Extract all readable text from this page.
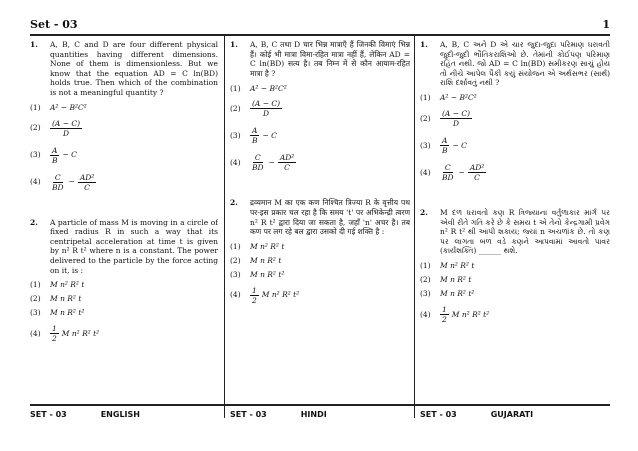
Set - 03	1
1. A, B, C and D are four different physical quantities having different dimensions. None of them is dimensionless. But we know that the equation AD = C ln(BD) holds true. Then which of the combination is not a meaningful quantity ?
(1) A² − B²C²
$(2) \frac{(A - C)}{D}$
$(3) \frac{A}{B} - C$
$(4) \frac{C}{BD} - \frac{\text{AD²}}{C}$
2. A particle of mass M is moving in a circle of fixed radius R in such a way that its centripetal acceleration at time t is given by n² R t² where n is a constant. The power delivered to the particle by the force acting on it, is :
(1) M n² R² t
(2) M n R² t
(3) M n R² t²
$(4) \frac{1}{2}$ M n² R² t²
1. A, B, C तथा D चार भिन्न मात्राएँ हैं जिनकी विमाएं भिन्न हैं। कोई भी मात्रा विमा-रहित मात्रा नहीं हैं, लेकिन AD = C ln(BD) सत्य है। तब निम्न में से कौन आयाम-रहित मात्रा है ?
(1) A² − B²C²
$(2) \frac{(A - C)}{D}$
$(3) \frac{A}{B} - C$
$(4) \frac{C}{BD} - \frac{\text{AD²}}{C}$
2. द्रव्यमान M का एक कण निश्चित त्रिज्या R के वृत्तीय पथ पर-इस प्रकार चल रहा है कि समय 't' पर अभिकेन्द्री त्वरण n² R t² द्वारा दिया जा सकता है, जहाँ 'n' अचर है। तब कण पर लग रहे बल द्वारा उसको दी गई शक्ति है :
(1) M n² R² t
(2) M n R² t
(3) M n R² t²
$(4) \frac{1}{2}$ M n² R² t²
1. A, B, C અને D એ ચાર જુદા-જુદા પરિમાણ ધરાવતી જુદી-જુદી ભૌતિકરાશિઓ છે. તેમાંની કોઈપણ પરિમાણ રહિત નથી. જો AD = C ln(BD) સમીકરણ સાચું હોય તો નીચે આપેલ પૈકી કયું સંયોજન એ અર્થસભર (સાર્થ) રાશિ દર્શાવતું નથી ?
(1) A² − B²C²
$(2) \frac{(A - C)}{D}$
$(3) \frac{A}{B} - C$
$(4) \frac{C}{BD} - \frac{\text{AD²}}{C}$
2. M દળ ધરાવતો કણ R ત્રિજ્યાના વર્તુળાકાર માર્ગ પર એવી રીતે ગતિ કરે છે કે સમય t એ તેનો કેન્દ્રગામી પ્રવેગ n² R t² થી આપી શકાય; જ્યાં n અચળાંક છે. તો કણ પર લાગતા બળ વડે કણને આપવામાં આવતો પાવર (કાર્યશક્તિ) ______ થશે.
(1) M n² R² t
(2) M n R² t
(3) M n R² t²
$(4) \frac{1}{2}$ M n² R² t²
SET - 03	ENGLISH	SET - 03	HINDI	SET - 03	GUJARATI
